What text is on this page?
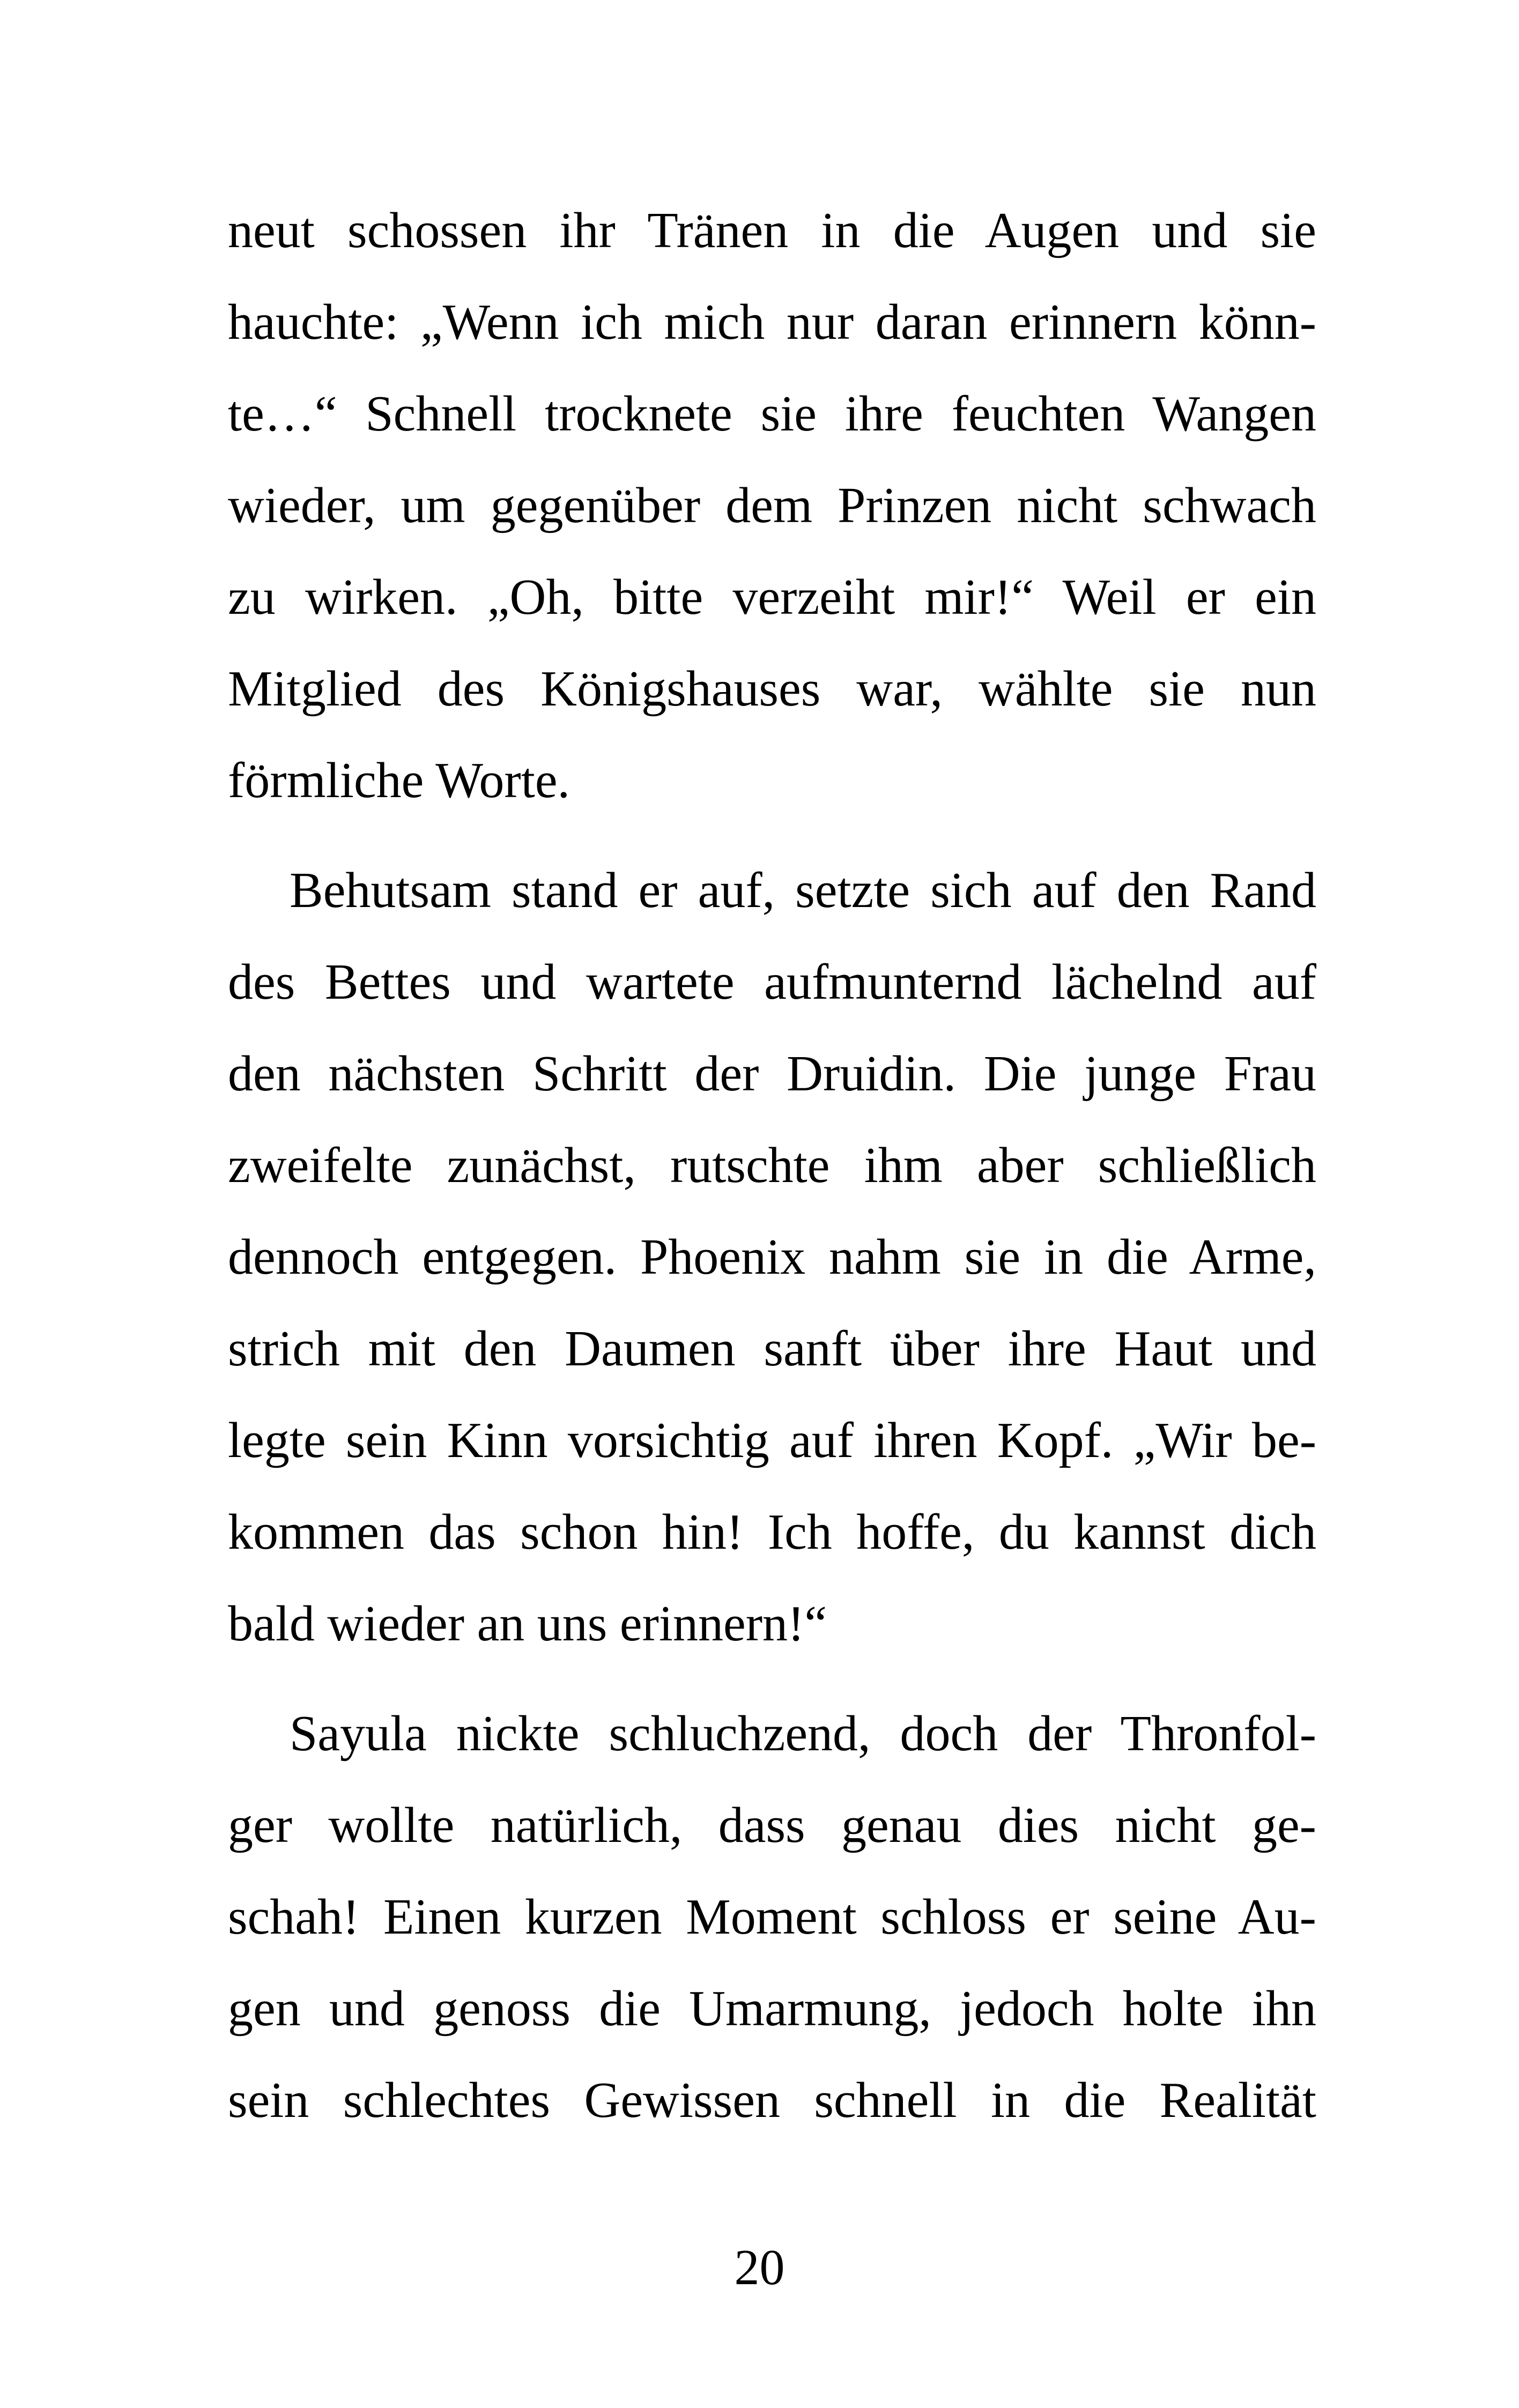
neut schossen ihr Tränen in die Augen und sie
hauchte: „Wenn ich mich nur daran erinnern könn-
te…“ Schnell trocknete sie ihre feuchten Wangen
wieder, um gegenüber dem Prinzen nicht schwach
zu wirken. „Oh, bitte verzeiht mir!“ Weil er ein
Mitglied des Königshauses war, wählte sie nun
förmliche Worte.
Behutsam stand er auf, setzte sich auf den Rand
des Bettes und wartete aufmunternd lächelnd auf
den nächsten Schritt der Druidin. Die junge Frau
zweifelte zunächst, rutschte ihm aber schließlich
dennoch entgegen. Phoenix nahm sie in die Arme,
strich mit den Daumen sanft über ihre Haut und
legte sein Kinn vorsichtig auf ihren Kopf. „Wir be-
kommen das schon hin! Ich hoffe, du kannst dich
bald wieder an uns erinnern!“
Sayula nickte schluchzend, doch der Thronfol-
ger wollte natürlich, dass genau dies nicht ge-
schah! Einen kurzen Moment schloss er seine Au-
gen und genoss die Umarmung, jedoch holte ihn
sein schlechtes Gewissen schnell in die Realität
20
